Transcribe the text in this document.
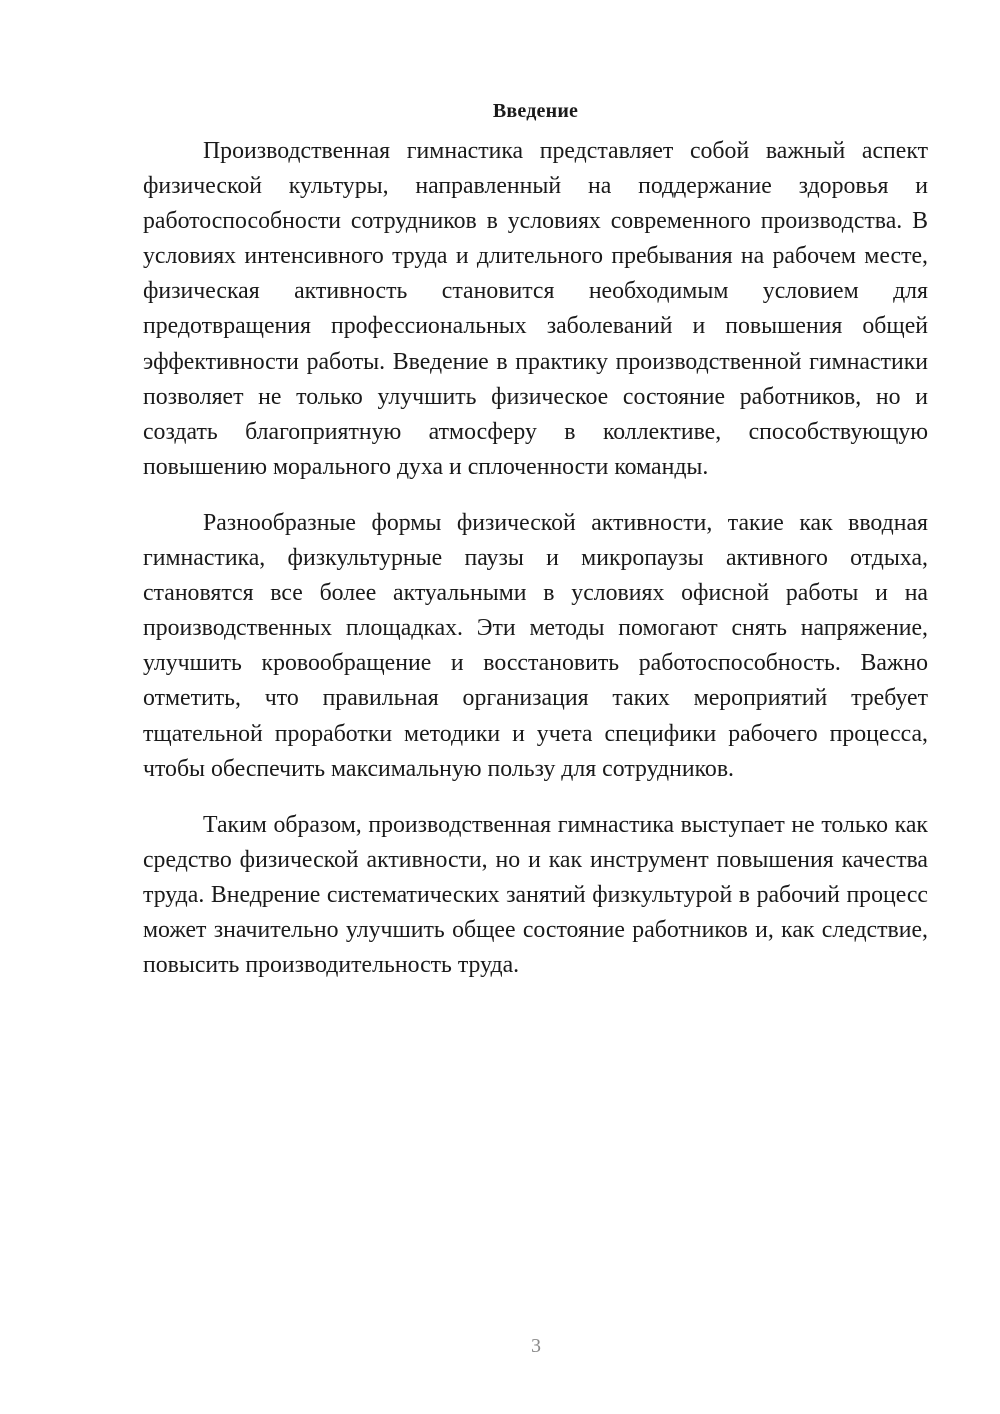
Введение

Производственная гимнастика представляет собой важный аспект физической культуры, направленный на поддержание здоровья и работоспособности сотрудников в условиях современного производства. В условиях интенсивного труда и длительного пребывания на рабочем месте, физическая активность становится необходимым условием для предотвращения профессиональных заболеваний и повышения общей эффективности работы. Введение в практику производственной гимнастики позволяет не только улучшить физическое состояние работников, но и создать благоприятную атмосферу в коллективе, способствующую повышению морального духа и сплоченности команды.

Разнообразные формы физической активности, такие как вводная гимнастика, физкультурные паузы и микропаузы активного отдыха, становятся все более актуальными в условиях офисной работы и на производственных площадках. Эти методы помогают снять напряжение, улучшить кровообращение и восстановить работоспособность. Важно отметить, что правильная организация таких мероприятий требует тщательной проработки методики и учета специфики рабочего процесса, чтобы обеспечить максимальную пользу для сотрудников.

Таким образом, производственная гимнастика выступает не только как средство физической активности, но и как инструмент повышения качества труда. Внедрение систематических занятий физкультурой в рабочий процесс может значительно улучшить общее состояние работников и, как следствие, повысить производительность труда.

3
